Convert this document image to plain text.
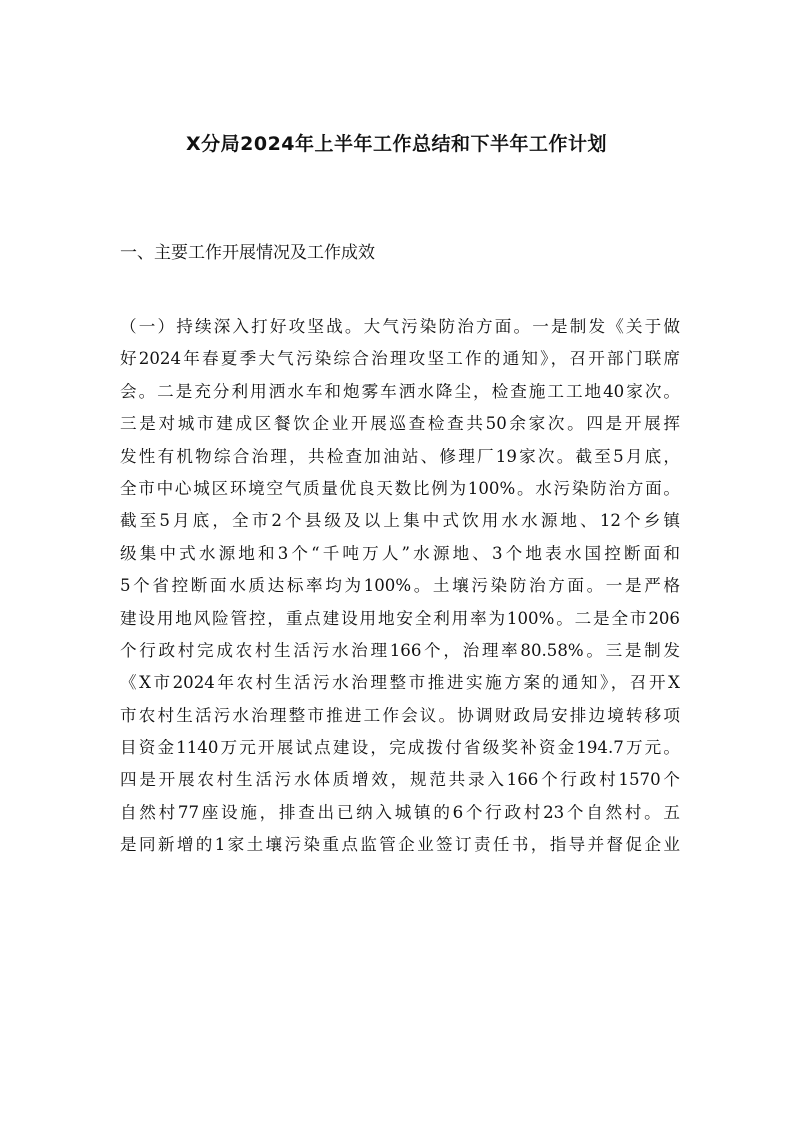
X分局2024年上半年工作总结和下半年工作计划
一、主要工作开展情况及工作成效
（一）持续深入打好攻坚战。大气污染防治方面。一是制发《关于做
好2024年春夏季大气污染综合治理攻坚工作的通知》，召开部门联席
会。二是充分利用洒水车和炮雾车洒水降尘，检查施工工地40家次。
三是对城市建成区餐饮企业开展巡查检查共50余家次。四是开展挥
发性有机物综合治理，共检查加油站、修理厂19家次。截至5月底，
全市中心城区环境空气质量优良天数比例为100%。水污染防治方面。
截至5月底，全市2个县级及以上集中式饮用水水源地、12个乡镇
级集中式水源地和3个“千吨万人”水源地、3个地表水国控断面和
5个省控断面水质达标率均为100%。土壤污染防治方面。一是严格
建设用地风险管控，重点建设用地安全利用率为100%。二是全市206
个行政村完成农村生活污水治理166个，治理率80.58%。三是制发
《X市2024年农村生活污水治理整市推进实施方案的通知》，召开X
市农村生活污水治理整市推进工作会议。协调财政局安排边境转移项
目资金1140万元开展试点建设，完成拨付省级奖补资金194.7万元。
四是开展农村生活污水体质增效，规范共录入166个行政村1570个
自然村77座设施，排查出已纳入城镇的6个行政村23个自然村。五
是同新增的1家土壤污染重点监管企业签订责任书，指导并督促企业
